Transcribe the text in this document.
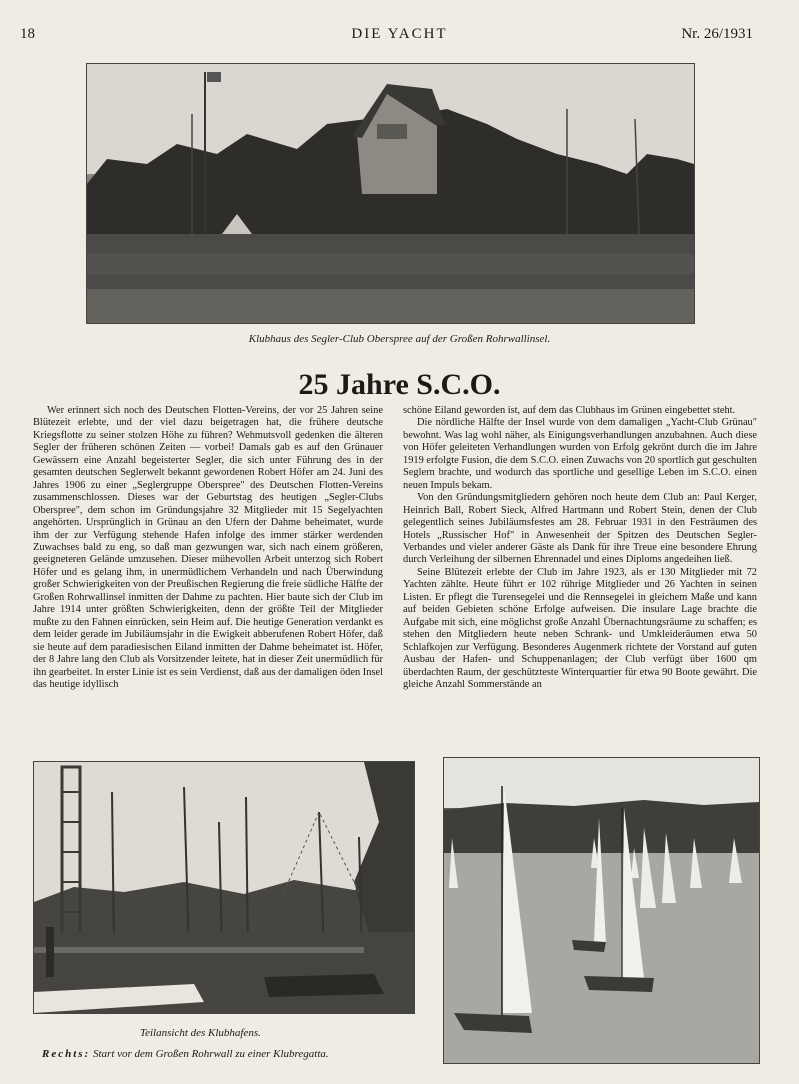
18	DIE YACHT	Nr. 26/1931
Klubhaus des Segler-Club Oberspree auf der Großen Rohrwallinsel.
25 Jahre S.C.O.

Wer erinnert sich noch des Deutschen Flotten-Vereins, der vor 25 Jahren seine Blütezeit erlebte, und der viel dazu beigetragen hat, die frühere deutsche Kriegsflotte zu seiner stolzen Höhe zu führen? Wehmutsvoll gedenken die älteren Segler der früheren schönen Zeiten — vorbei! Damals gab es auf den Grünauer Gewässern eine Anzahl begeisterter Segler, die sich unter Führung des in der gesamten deutschen Seglerwelt bekannt gewordenen Robert Höfer am 24. Juni des Jahres 1906 zu einer „Seglergruppe Oberspree" des Deutschen Flotten-Vereins zusammenschlossen. Dieses war der Geburtstag des heutigen „Segler-Clubs Oberspree", dem schon im Gründungsjahre 32 Mitglieder mit 15 Segelyachten angehörten. Ursprünglich in Grünau an den Ufern der Dahme beheimatet, wurde ihm der zur Verfügung stehende Hafen infolge des immer stärker werdenden Zuwachses bald zu eng, so daß man gezwungen war, sich nach einem größeren, geeigneteren Gelände umzusehen. Dieser mühevollen Arbeit unterzog sich Robert Höfer und es gelang ihm, in unermüdlichem Verhandeln und nach Überwindung großer Schwierigkeiten von der Preußischen Regierung die freie südliche Hälfte der Großen Rohrwallinsel inmitten der Dahme zu pachten. Hier baute sich der Club im Jahre 1914 unter größten Schwierigkeiten, denn der größte Teil der Mitglieder mußte zu den Fahnen einrücken, sein Heim auf. Die heutige Generation verdankt es dem leider gerade im Jubiläumsjahr in die Ewigkeit abberufenen Robert Höfer, daß sie heute auf dem paradiesischen Eiland inmitten der Dahme beheimatet ist. Höfer, der 8 Jahre lang den Club als Vorsitzender leitete, hat in dieser Zeit unermüdlich für ihn gearbeitet. In erster Linie ist es sein Verdienst, daß aus der damaligen öden Insel das heutige idyllisch

schöne Eiland geworden ist, auf dem das Clubhaus im Grünen eingebettet steht.

Die nördliche Hälfte der Insel wurde von dem damaligen „Yacht-Club Grünau" bewohnt. Was lag wohl näher, als Einigungsverhandlungen anzubahnen. Auch diese von Höfer geleiteten Verhandlungen wurden von Erfolg gekrönt durch die im Jahre 1919 erfolgte Fusion, die dem S.C.O. einen Zuwachs von 20 sportlich gut geschulten Seglern brachte, und wodurch das sportliche und gesellige Leben im S.C.O. einen neuen Impuls bekam.

Von den Gründungsmitgliedern gehören noch heute dem Club an: Paul Kerger, Heinrich Ball, Robert Sieck, Alfred Hartmann und Robert Stein, denen der Club gelegentlich seines Jubiläumsfestes am 28. Februar 1931 in den Festräumen des Hotels „Russischer Hof" in Anwesenheit der Spitzen des Deutschen Segler-Verbandes und vieler anderer Gäste als Dank für ihre Treue eine besondere Ehrung durch Verleihung der silbernen Ehrennadel und eines Diploms angedeihen ließ.

Seine Blütezeit erlebte der Club im Jahre 1923, als er 130 Mitglieder mit 72 Yachten zählte. Heute führt er 102 rührige Mitglieder und 26 Yachten in seinen Listen. Er pflegt die Turensegelei und die Rennsegelei in gleichem Maße und kann auf beiden Gebieten schöne Erfolge aufweisen. Die insulare Lage brachte die Aufgabe mit sich, eine möglichst große Anzahl Übernachtungsräume zu schaffen; es stehen den Mitgliedern heute neben Schrank- und Umkleideräumen etwa 50 Schlafkojen zur Verfügung. Besonderes Augenmerk richtete der Vorstand auf guten Ausbau der Hafen- und Schuppenanlagen; der Club verfügt über 1600 qm überdachten Raum, der geschützteste Winterquartier für etwa 90 Boote gewährt. Die gleiche Anzahl Sommerstände an

Teilansicht des Klubhafens.
Rechts: Start vor dem Großen Rohrwall zu einer Klubregatta.
